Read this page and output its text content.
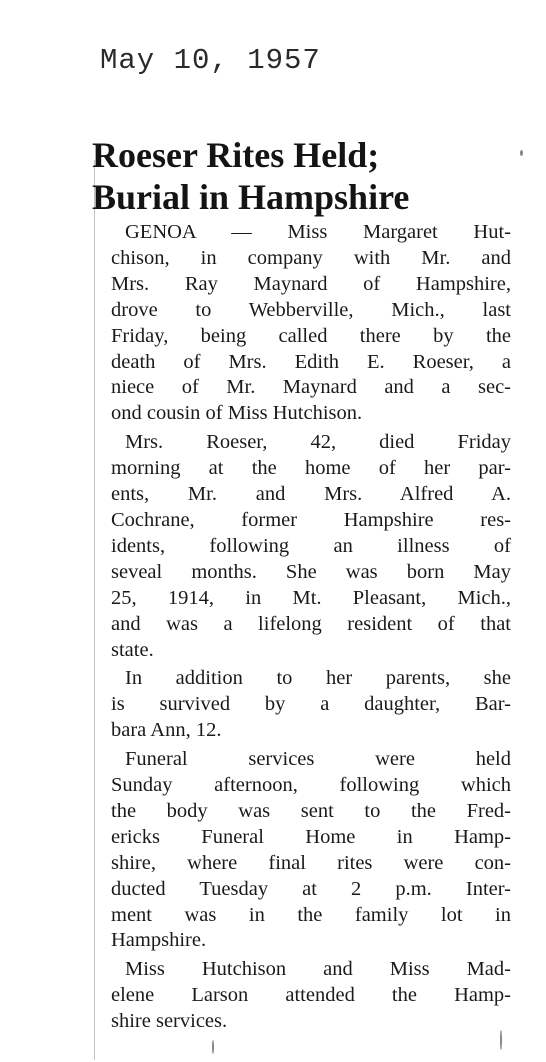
May 10, 1957
Roeser Rites Held;
Burial in Hampshire
GENOA — Miss Margaret Hut-
chison, in company with Mr. and
Mrs. Ray Maynard of Hampshire,
drove to Webberville, Mich., last
Friday, being called there by the
death of Mrs. Edith E. Roeser, a
niece of Mr. Maynard and a sec-
ond cousin of Miss Hutchison.
Mrs. Roeser, 42, died Friday
morning at the home of her par-
ents, Mr. and Mrs. Alfred A.
Cochrane, former Hampshire res-
idents, following an illness of
seveal months. She was born May
25, 1914, in Mt. Pleasant, Mich.,
and was a lifelong resident of that
state.
In addition to her parents, she
is survived by a daughter, Bar-
bara Ann, 12.
Funeral services were held
Sunday afternoon, following which
the body was sent to the Fred-
ericks Funeral Home in Hamp-
shire, where final rites were con-
ducted Tuesday at 2 p.m. Inter-
ment was in the family lot in
Hampshire.
Miss Hutchison and Miss Mad-
elene Larson attended the Hamp-
shire services.
